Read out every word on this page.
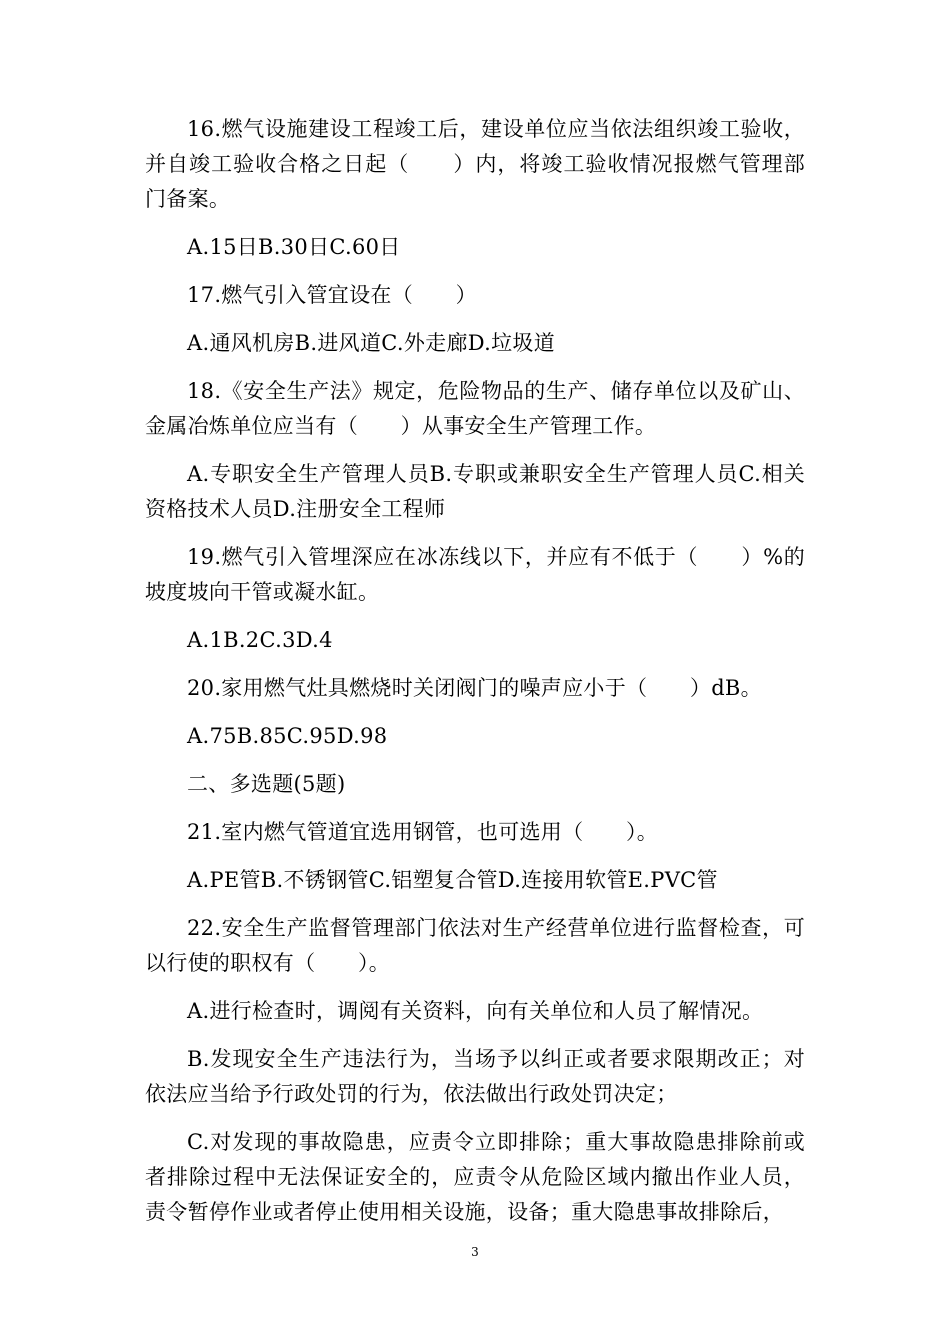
16.燃气设施建设工程竣工后，建设单位应当依法组织竣工验收，并自竣工验收合格之日起（　　）内，将竣工验收情况报燃气管理部门备案。

A.15日B.30日C.60日

17.燃气引入管宜设在（　　）

A.通风机房B.进风道C.外走廊D.垃圾道

18.《安全生产法》规定，危险物品的生产、储存单位以及矿山、金属冶炼单位应当有（　　）从事安全生产管理工作。

A.专职安全生产管理人员B.专职或兼职安全生产管理人员C.相关资格技术人员D.注册安全工程师

19.燃气引入管埋深应在冰冻线以下，并应有不低于（　　）%的坡度坡向干管或凝水缸。

A.1B.2C.3D.4

20.家用燃气灶具燃烧时关闭阀门的噪声应小于（　　）dB。

A.75B.85C.95D.98

二、多选题(5题)

21.室内燃气管道宜选用钢管，也可选用（　　）。

A.PE管B.不锈钢管C.铝塑复合管D.连接用软管E.PVC管

22.安全生产监督管理部门依法对生产经营单位进行监督检查，可以行使的职权有（　　）。

A.进行检查时，调阅有关资料，向有关单位和人员了解情况。

B.发现安全生产违法行为，当场予以纠正或者要求限期改正；对依法应当给予行政处罚的行为，依法做出行政处罚决定；

C.对发现的事故隐患，应责令立即排除；重大事故隐患排除前或者排除过程中无法保证安全的，应责令从危险区域内撤出作业人员，责令暂停作业或者停止使用相关设施，设备；重大隐患事故排除后，

3
